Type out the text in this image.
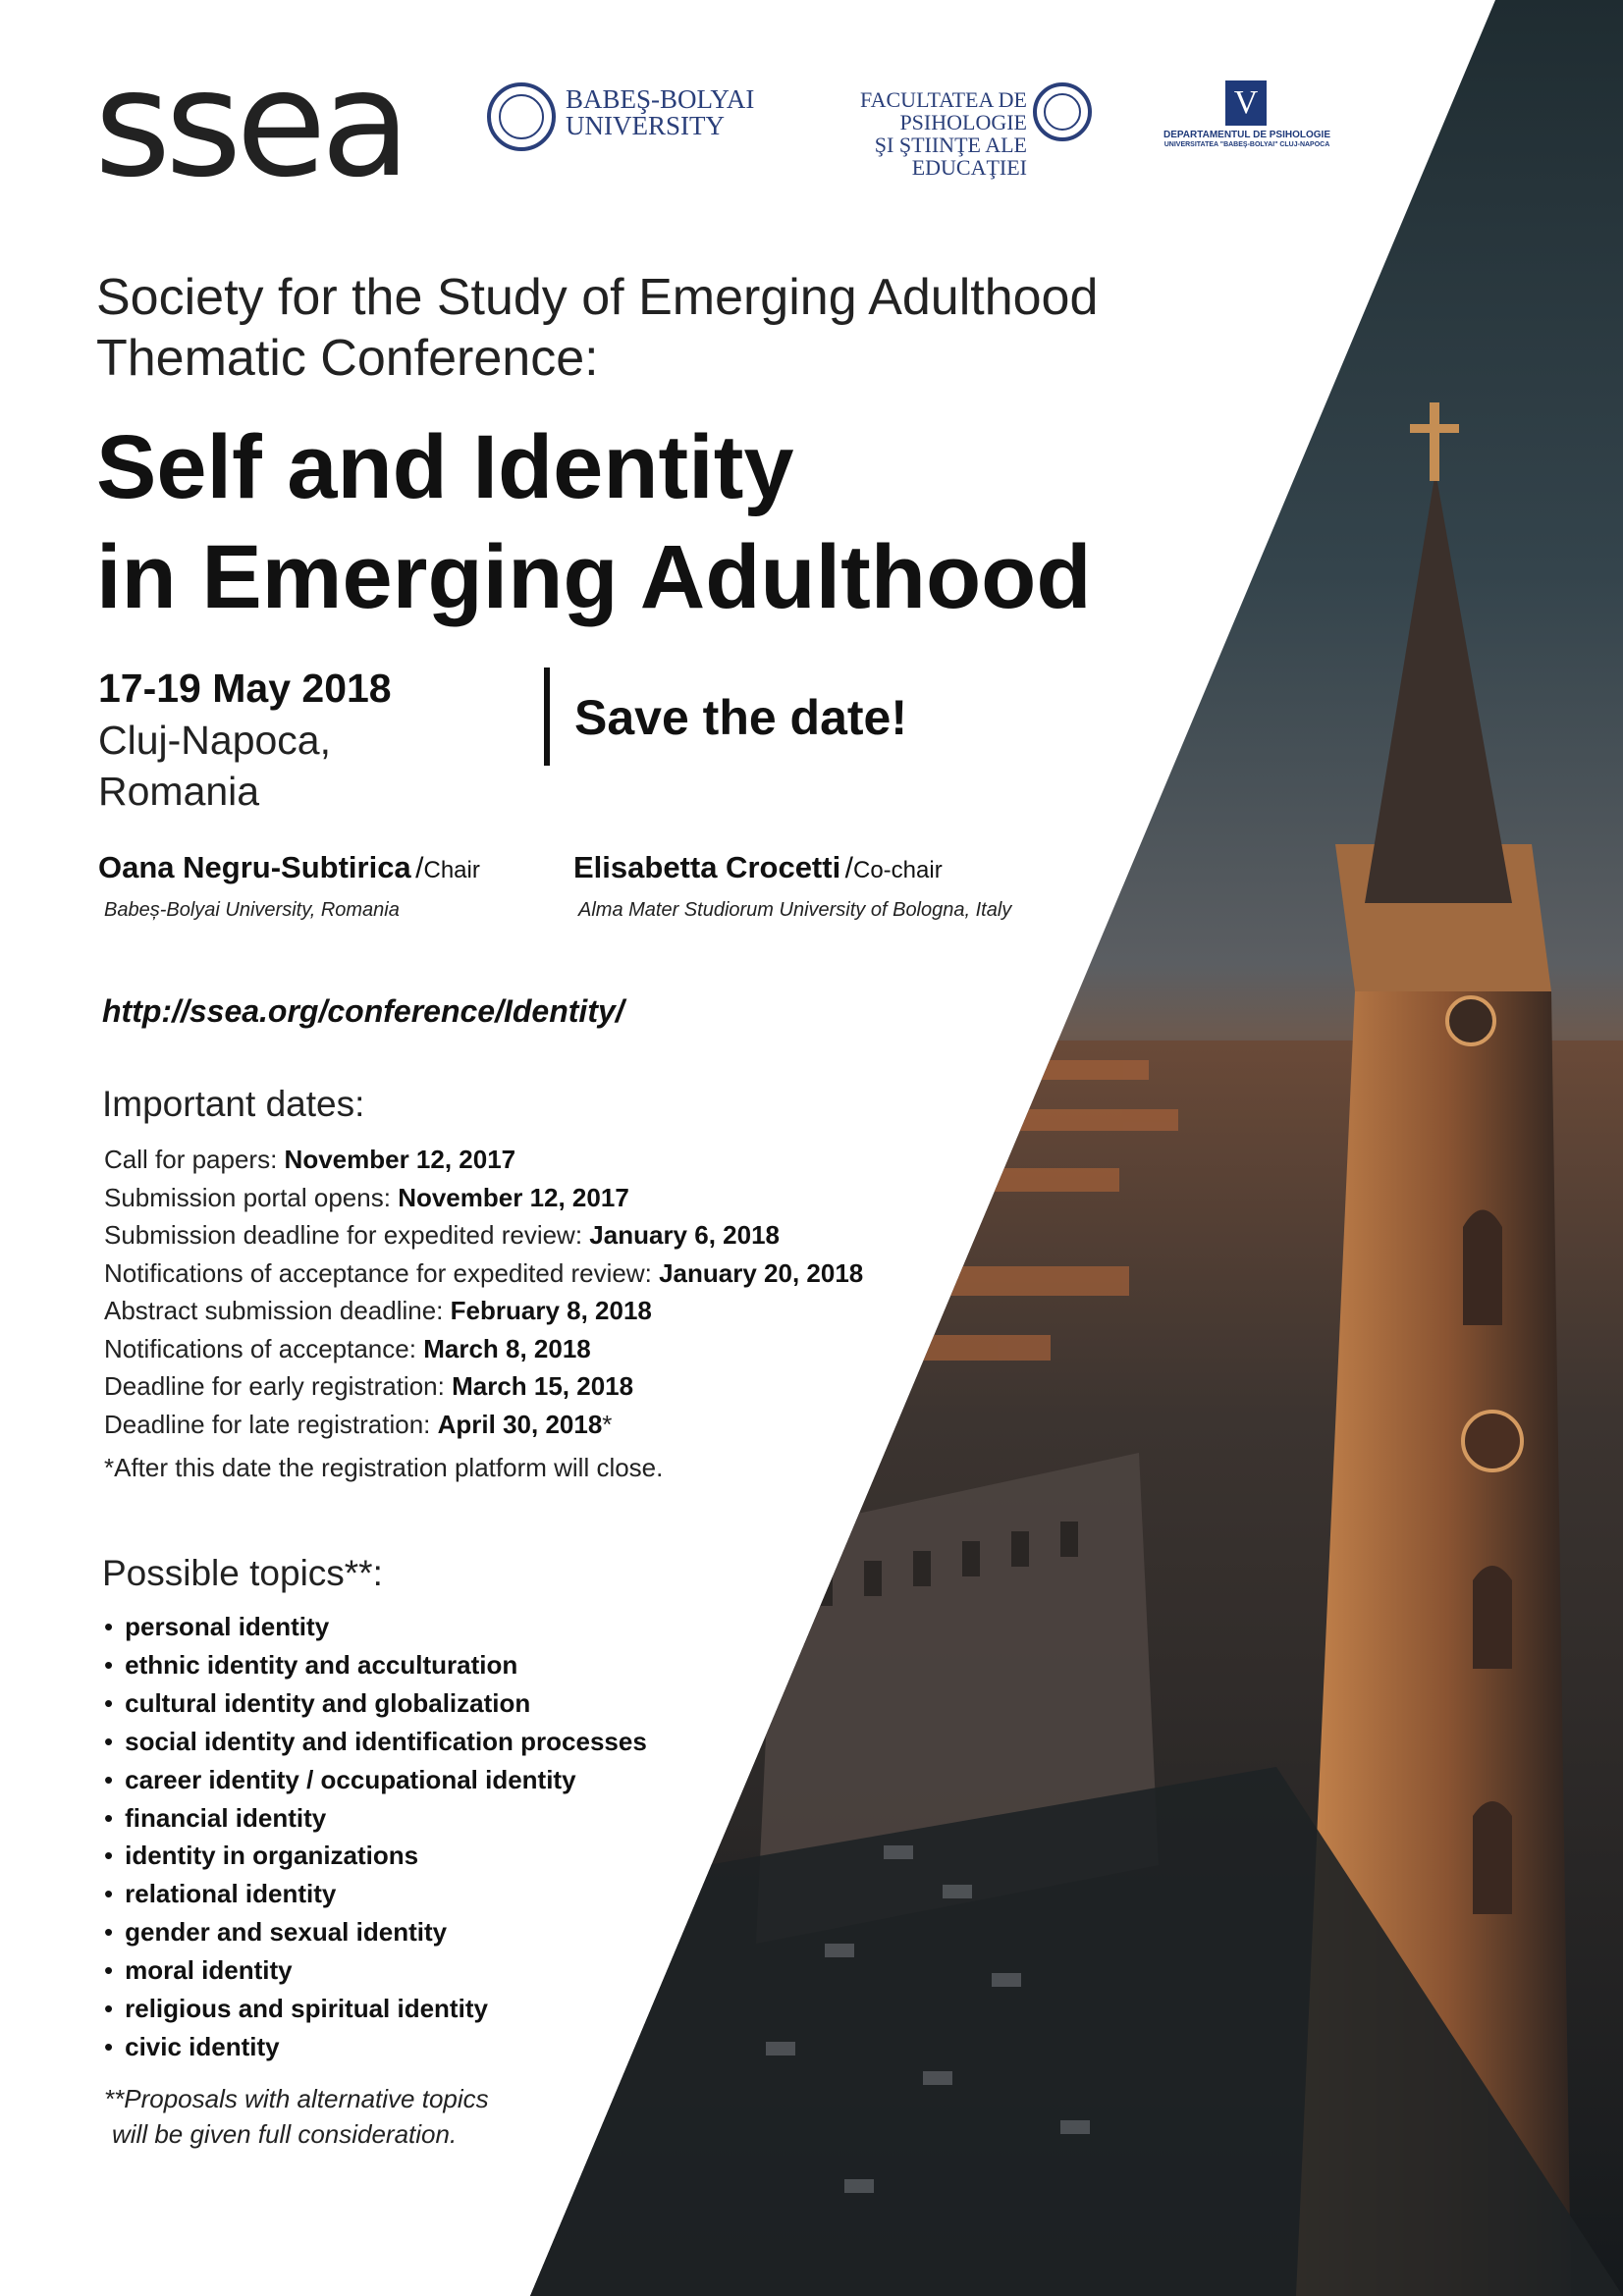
ssea	BABEŞ-BOLYAI
UNIVERSITY
FACULTATEA DE PSIHOLOGIE
ŞI ŞTIINŢE ALE EDUCAŢIEI
V
DEPARTAMENTUL DE PSIHOLOGIE
UNIVERSITATEA "BABEŞ-BOLYAI" CLUJ-NAPOCA
Society for the Study of Emerging Adulthood
Thematic Conference:
Self and Identity
in Emerging Adulthood
17-19 May 2018
Cluj-Napoca,
Romania
Save the date!
Oana Negru-Subtirica /Chair
Babeș-Bolyai University, Romania
Elisabetta Crocetti /Co-chair
Alma Mater Studiorum University of Bologna, Italy
http://ssea.org/conference/Identity/
Important dates:
Call for papers: November 12, 2017
Submission portal opens: November 12, 2017
Submission deadline for expedited review: January 6, 2018
Notifications of acceptance for expedited review: January 20, 2018
Abstract submission deadline: February 8, 2018
Notifications of acceptance: March 8, 2018
Deadline for early registration: March 15, 2018
Deadline for late registration: April 30, 2018*
*After this date the registration platform will close.
Possible topics**:
• personal identity
• ethnic identity and acculturation
• cultural identity and globalization
• social identity and identification processes
• career identity / occupational identity
• financial identity
• identity in organizations
• relational identity
• gender and sexual identity
• moral identity
• religious and spiritual identity
• civic identity
**Proposals with alternative topics
will be given full consideration.
